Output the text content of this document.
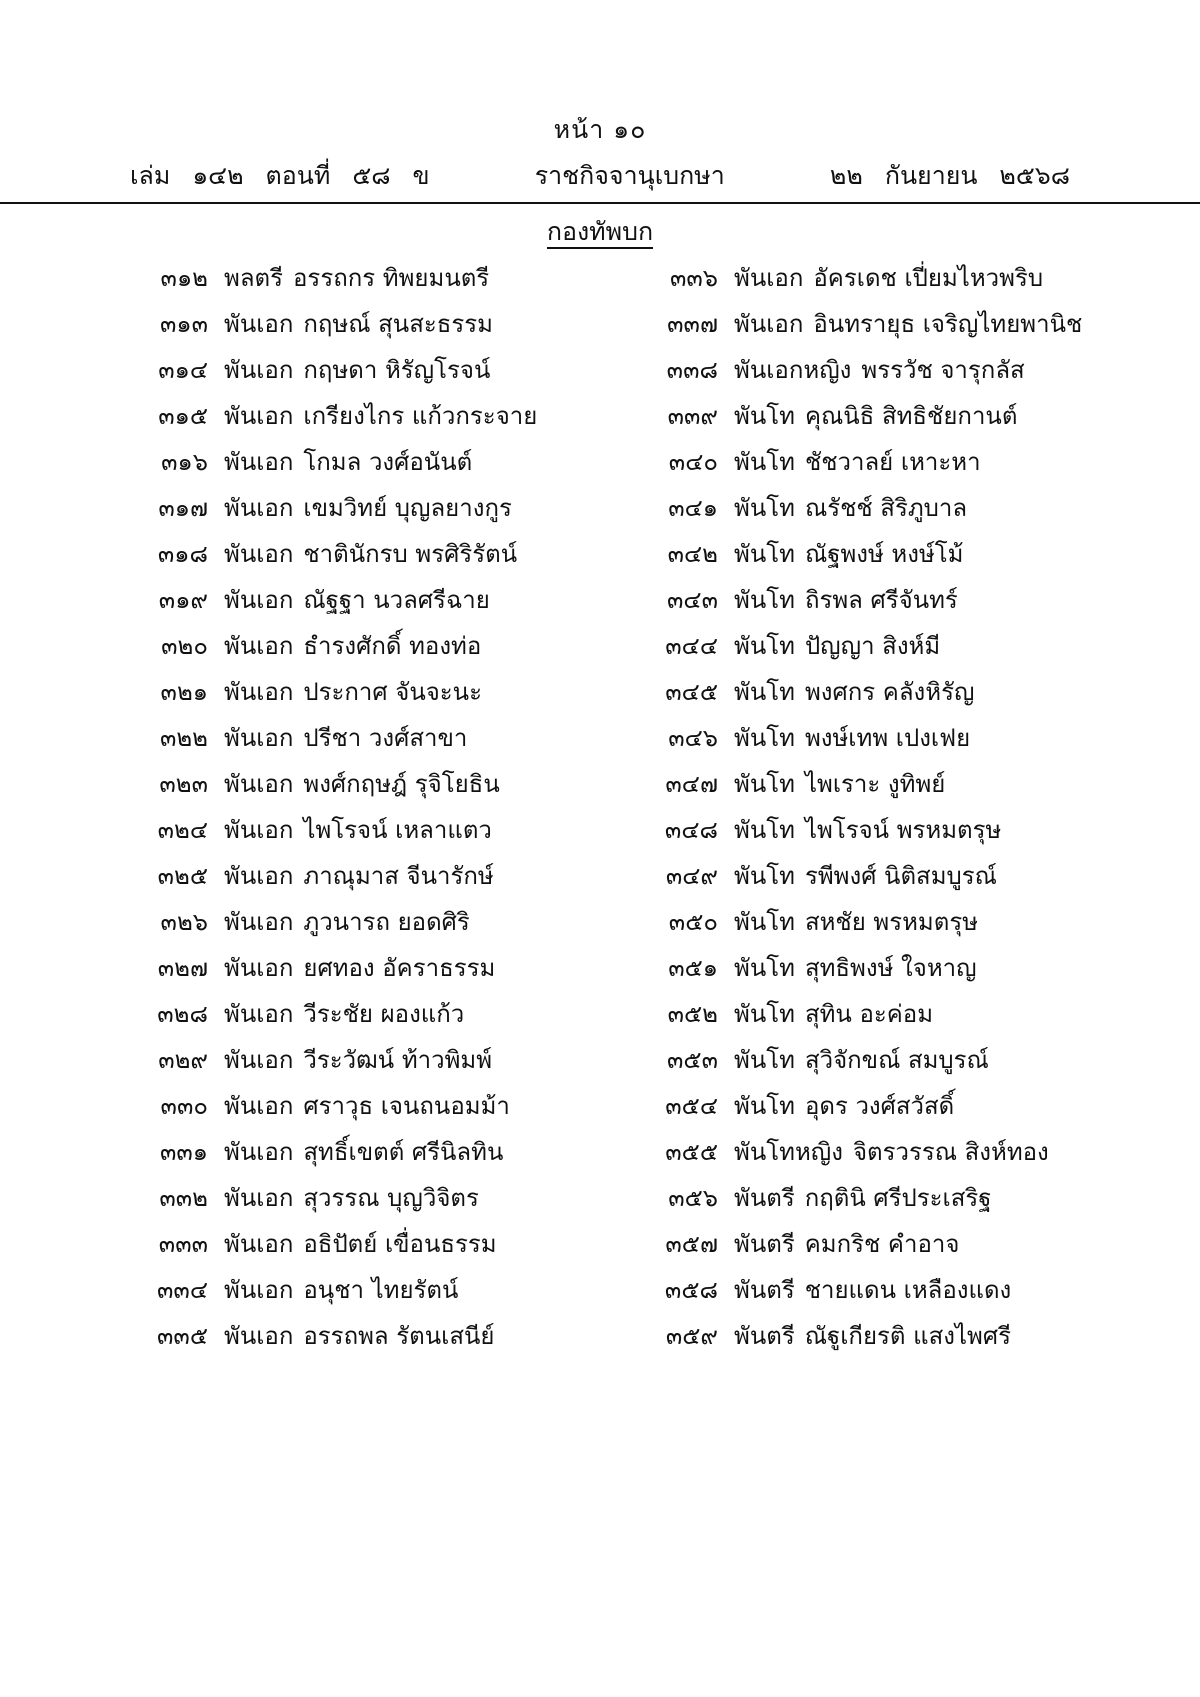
หน้า ๑๐
เล่ม ๑๔๒ ตอนที่ ๕๘ ข	ราชกิจจานุเบกษา	๒๒ กันยายน ๒๕๖๘
กองทัพบก
๓๑๒ พลตรี อรรถกร ทิพยมนตรี
๓๑๓ พันเอก กฤษณ์ สุนสะธรรม
๓๑๔ พันเอก กฤษดา หิรัญโรจน์
๓๑๕ พันเอก เกรียงไกร แก้วกระจาย
๓๑๖ พันเอก โกมล วงศ์อนันต์
๓๑๗ พันเอก เขมวิทย์ บุญลยางกูร
๓๑๘ พันเอก ชาตินักรบ พรศิริรัตน์
๓๑๙ พันเอก ณัฐฐา นวลศรีฉาย
๓๒๐ พันเอก ธำรงศักดิ์ ทองท่อ
๓๒๑ พันเอก ประกาศ จันจะนะ
๓๒๒ พันเอก ปรีชา วงศ์สาขา
๓๒๓ พันเอก พงศ์กฤษฎ์ รุจิโยธิน
๓๒๔ พันเอก ไพโรจน์ เหลาแตว
๓๒๕ พันเอก ภาณุมาส จีนารักษ์
๓๒๖ พันเอก ภูวนารถ ยอดศิริ
๓๒๗ พันเอก ยศทอง อัคราธรรม
๓๒๘ พันเอก วีระชัย ผองแก้ว
๓๒๙ พันเอก วีระวัฒน์ ท้าวพิมพ์
๓๓๐ พันเอก ศราวุธ เจนถนอมม้า
๓๓๑ พันเอก สุทธิ์เขตต์ ศรีนิลทิน
๓๓๒ พันเอก สุวรรณ บุญวิจิตร
๓๓๓ พันเอก อธิปัตย์ เขื่อนธรรม
๓๓๔ พันเอก อนุชา ไทยรัตน์
๓๓๕ พันเอก อรรถพล รัตนเสนีย์
๓๓๖ พันเอก อัครเดช เปี่ยมไหวพริบ
๓๓๗ พันเอก อินทรายุธ เจริญไทยพานิช
๓๓๘ พันเอกหญิง พรรวัช จารุกลัส
๓๓๙ พันโท คุณนิธิ สิทธิชัยกานต์
๓๔๐ พันโท ชัชวาลย์ เหาะหา
๓๔๑ พันโท ณรัชช์ สิริภูบาล
๓๔๒ พันโท ณัฐพงษ์ หงษ์โม้
๓๔๓ พันโท ถิรพล ศรีจันทร์
๓๔๔ พันโท ปัญญา สิงห์มี
๓๔๕ พันโท พงศกร คลังหิรัญ
๓๔๖ พันโท พงษ์เทพ เปงเฟย
๓๔๗ พันโท ไพเราะ งูทิพย์
๓๔๘ พันโท ไพโรจน์ พรหมตรุษ
๓๔๙ พันโท รพีพงศ์ นิติสมบูรณ์
๓๕๐ พันโท สหชัย พรหมตรุษ
๓๕๑ พันโท สุทธิพงษ์ ใจหาญ
๓๕๒ พันโท สุทิน อะค่อม
๓๕๓ พันโท สุวิจักขณ์ สมบูรณ์
๓๕๔ พันโท อุดร วงศ์สวัสดิ์
๓๕๕ พันโทหญิง จิตรวรรณ สิงห์ทอง
๓๕๖ พันตรี กฤตินิ ศรีประเสริฐ
๓๕๗ พันตรี คมกริช คำอาจ
๓๕๘ พันตรี ชายแดน เหลืองแดง
๓๕๙ พันตรี ณัฐูเกียรติ แสงไพศรี
